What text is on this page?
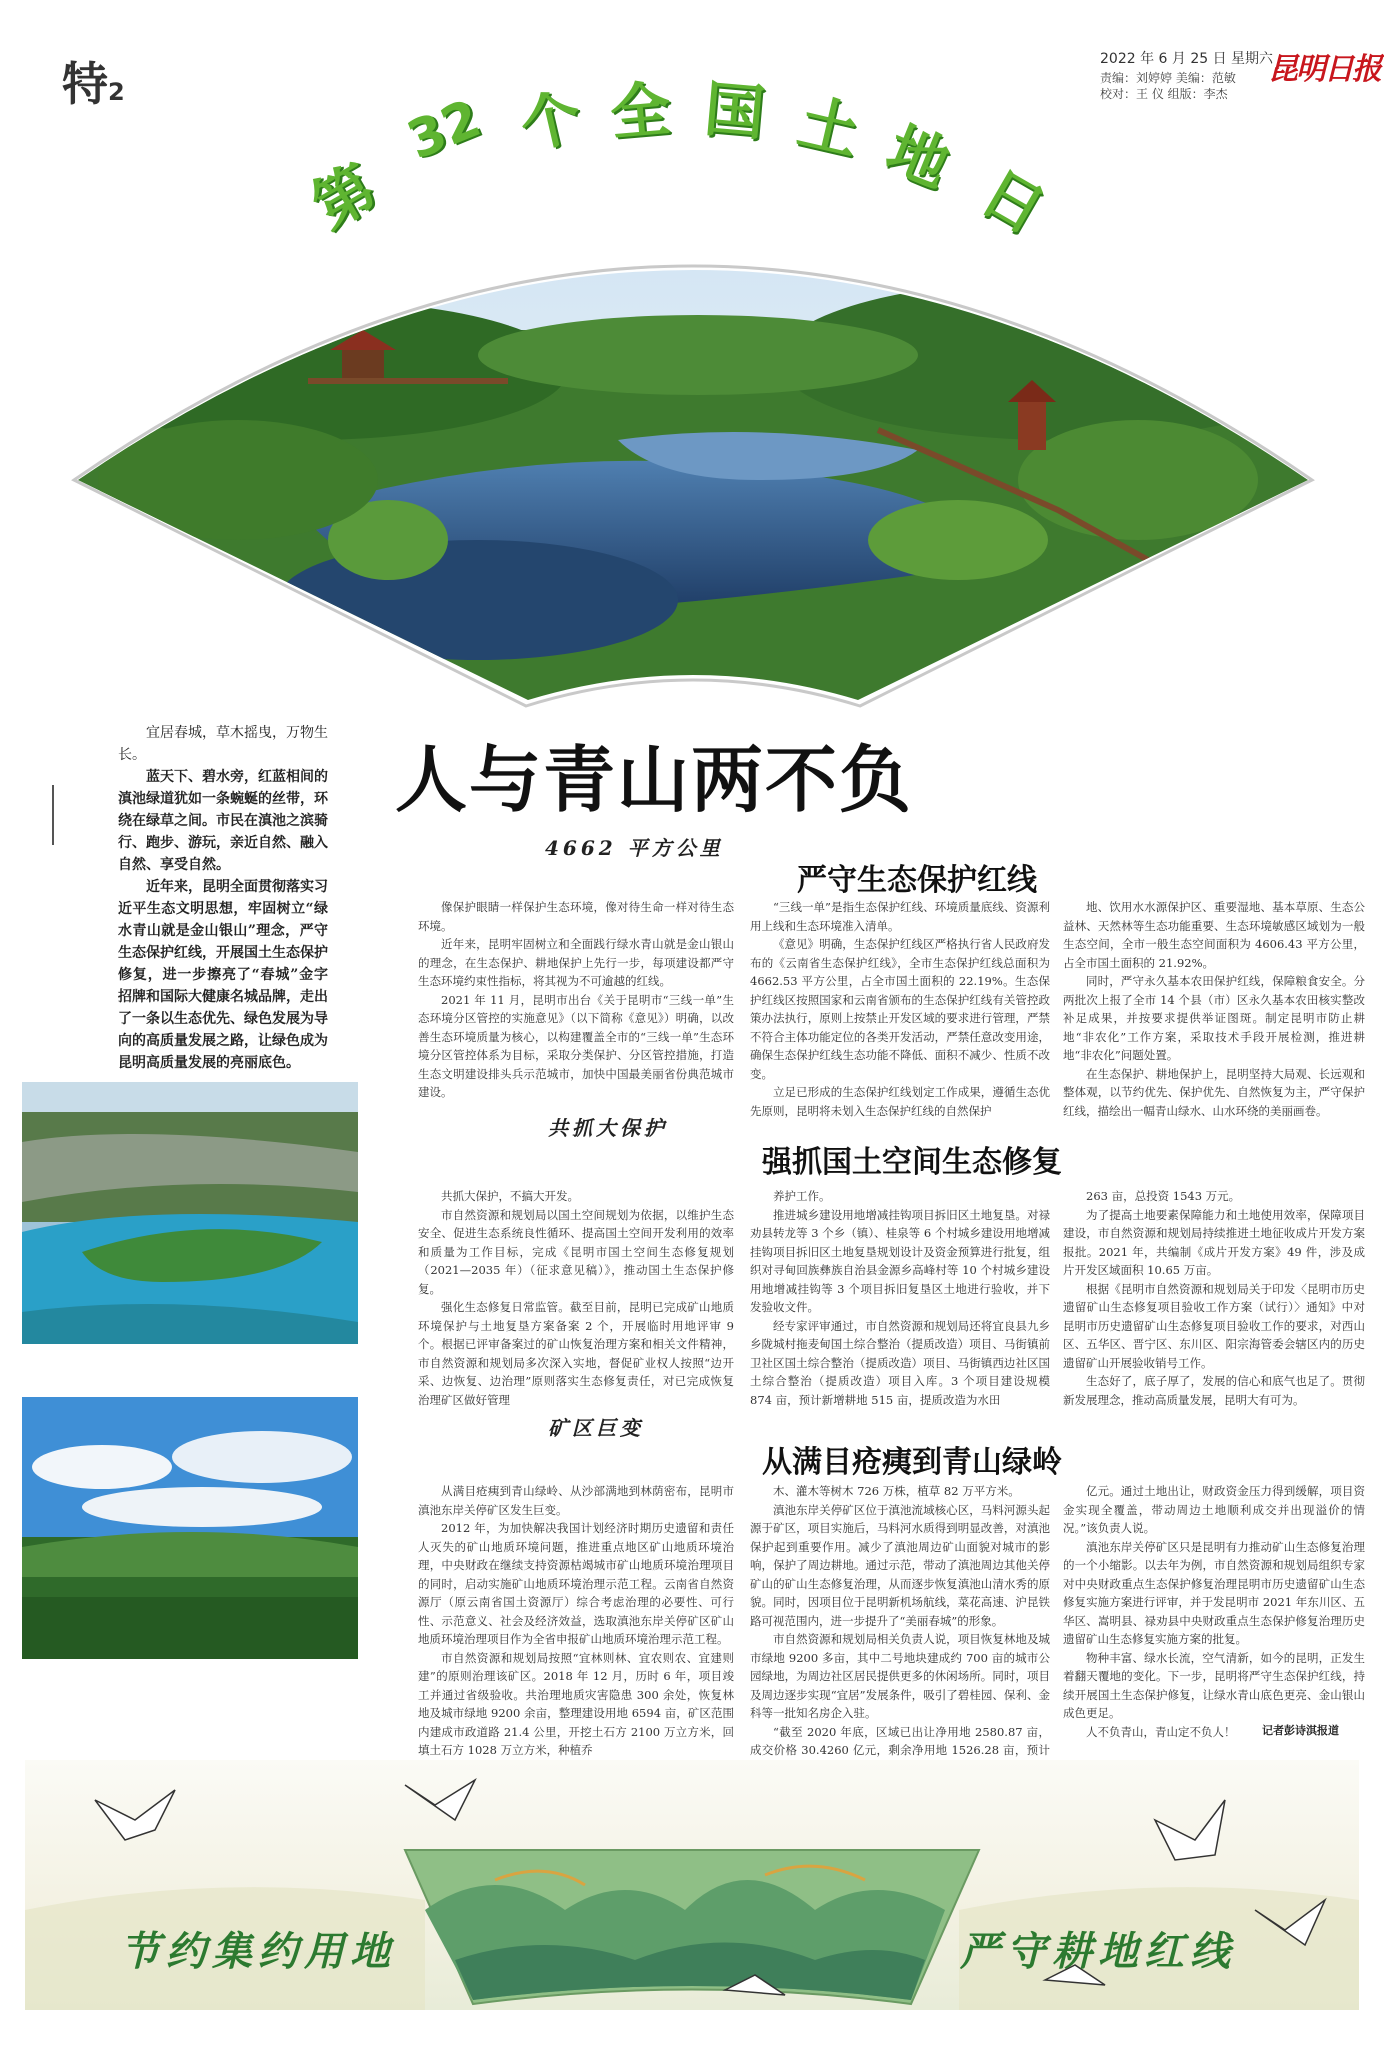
特2
2022 年 6 月 25 日 星期六
昆明日报
责编：刘婷婷 美编：范敏
校对：王 仪 组版：李杰
第
32 个 全 国 土 地 日

宜居春城，草木摇曳，万物生长。

蓝天下、碧水旁，红蓝相间的滇池绿道犹如一条蜿蜒的丝带，环绕在绿草之间。市民在滇池之滨骑行、跑步、游玩，亲近自然、融入自然、享受自然。

近年来，昆明全面贯彻落实习近平生态文明思想，牢固树立“绿水青山就是金山银山”理念，严守生态保护红线，开展国土生态保护修复，进一步擦亮了“春城”金字招牌和国际大健康名城品牌，走出了一条以生态优先、绿色发展为导向的高质量发展之路，让绿色成为昆明高质量发展的亮丽底色。

人与青山两不负
4662 平方公里
严守生态保护红线

像保护眼睛一样保护生态环境，像对待生命一样对待生态环境。

近年来，昆明牢固树立和全面践行绿水青山就是金山银山的理念，在生态保护、耕地保护上先行一步，每项建设都严守生态环境约束性指标，将其视为不可逾越的红线。

2021 年 11 月，昆明市出台《关于昆明市“三线一单”生态环境分区管控的实施意见》（以下简称《意见》）明确，以改善生态环境质量为核心，以构建覆盖全市的“三线一单”生态环境分区管控体系为目标，采取分类保护、分区管控措施，打造生态文明建设排头兵示范城市，加快中国最美丽省份典范城市建设。

“三线一单”是指生态保护红线、环境质量底线、资源利用上线和生态环境准入清单。

《意见》明确，生态保护红线区严格执行省人民政府发布的《云南省生态保护红线》，全市生态保护红线总面积为 4662.53 平方公里，占全市国土面积的 22.19%。生态保护红线区按照国家和云南省颁布的生态保护红线有关管控政策办法执行，原则上按禁止开发区域的要求进行管理，严禁不符合主体功能定位的各类开发活动，严禁任意改变用途，确保生态保护红线生态功能不降低、面积不减少、性质不改变。

立足已形成的生态保护红线划定工作成果，遵循生态优先原则，昆明将未划入生态保护红线的自然保护

地、饮用水水源保护区、重要湿地、基本草原、生态公益林、天然林等生态功能重要、生态环境敏感区域划为一般生态空间，全市一般生态空间面积为 4606.43 平方公里，占全市国土面积的 21.92%。

同时，严守永久基本农田保护红线，保障粮食安全。分两批次上报了全市 14 个县（市）区永久基本农田核实整改补足成果，并按要求提供举证图斑。制定昆明市防止耕地“非农化”工作方案，采取技术手段开展检测，推进耕地“非农化”问题处置。

在生态保护、耕地保护上，昆明坚持大局观、长远观和整体观，以节约优先、保护优先、自然恢复为主，严守保护红线，描绘出一幅青山绿水、山水环绕的美丽画卷。

共抓大保护
强抓国土空间生态修复

共抓大保护，不搞大开发。

市自然资源和规划局以国土空间规划为依据，以维护生态安全、促进生态系统良性循环、提高国土空间开发利用的效率和质量为工作目标，完成《昆明市国土空间生态修复规划（2021—2035 年）（征求意见稿）》，推动国土生态保护修复。

强化生态修复日常监管。截至目前，昆明已完成矿山地质环境保护与土地复垦方案备案 2 个，开展临时用地评审 9 个。根据已评审备案过的矿山恢复治理方案和相关文件精神，市自然资源和规划局多次深入实地，督促矿业权人按照“边开采、边恢复、边治理”原则落实生态修复责任，对已完成恢复治理矿区做好管理

养护工作。

推进城乡建设用地增减挂钩项目拆旧区土地复垦。对禄劝县转龙等 3 个乡（镇）、桂泉等 6 个村城乡建设用地增减挂钩项目拆旧区土地复垦规划设计及资金预算进行批复，组织对寻甸回族彝族自治县金源乡高峰村等 10 个村城乡建设用地增减挂钩等 3 个项目拆旧复垦区土地进行验收，并下发验收文件。

经专家评审通过，市自然资源和规划局还将宜良县九乡乡陇城村拖麦甸国土综合整治（提质改造）项目、马街镇前卫社区国土综合整治（提质改造）项目、马街镇西边社区国土综合整治（提质改造）项目入库。3 个项目建设规模 874 亩，预计新增耕地 515 亩，提质改造为水田

263 亩，总投资 1543 万元。

为了提高土地要素保障能力和土地使用效率，保障项目建设，市自然资源和规划局持续推进土地征收成片开发方案报批。2021 年，共编制《成片开发方案》49 件，涉及成片开发区域面积 10.65 万亩。

根据《昆明市自然资源和规划局关于印发〈昆明市历史遗留矿山生态修复项目验收工作方案（试行）〉通知》中对昆明市历史遗留矿山生态修复项目验收工作的要求，对西山区、五华区、晋宁区、东川区、阳宗海管委会辖区内的历史遗留矿山开展验收销号工作。

生态好了，底子厚了，发展的信心和底气也足了。贯彻新发展理念，推动高质量发展，昆明大有可为。

矿区巨变
从满目疮痍到青山绿岭

从满目疮痍到青山绿岭、从沙部满地到林荫密布，昆明市滇池东岸关停矿区发生巨变。

2012 年，为加快解决我国计划经济时期历史遗留和责任人灭失的矿山地质环境问题，推进重点地区矿山地质环境治理，中央财政在继续支持资源枯竭城市矿山地质环境治理项目的同时，启动实施矿山地质环境治理示范工程。云南省自然资源厅（原云南省国土资源厅）综合考虑治理的必要性、可行性、示范意义、社会及经济效益，选取滇池东岸关停矿区矿山地质环境治理项目作为全省申报矿山地质环境治理示范工程。

市自然资源和规划局按照“宜林则林、宜农则农、宜建则建”的原则治理该矿区。2018 年 12 月，历时 6 年，项目竣工并通过省级验收。共治理地质灾害隐患 300 余处，恢复林地及城市绿地 9200 余亩，整理建设用地 6594 亩，矿区范围内建成市政道路 21.4 公里，开挖土石方 2100 万立方米，回填土石方 1028 万立方米，种植乔

木、灌木等树木 726 万株，植草 82 万平方米。

滇池东岸关停矿区位于滇池流域核心区，马料河源头起源于矿区，项目实施后，马料河水质得到明显改善，对滇池保护起到重要作用。减少了滇池周边矿山面貌对城市的影响，保护了周边耕地。通过示范，带动了滇池周边其他关停矿山的矿山生态修复治理，从而逐步恢复滇池山清水秀的原貌。同时，因项目位于昆明新机场航线，菜花高速、沪昆铁路可视范围内，进一步提升了“美丽春城”的形象。

市自然资源和规划局相关负责人说，项目恢复林地及城市绿地 9200 多亩，其中二号地块建成约 700 亩的城市公园绿地，为周边社区居民提供更多的休闲场所。同时，项目及周边逐步实现“宜居”发展条件，吸引了碧桂园、保利、金科等一批知名房企入驻。

“截至 2020 年底，区域已出让净用地 2580.87 亩，成交价格 30.4260 亿元，剩余净用地 1526.28 亩，预计

亿元。通过土地出让，财政资金压力得到缓解，项目资金实现全覆盖，带动周边土地顺利成交并出现溢价的情况。”该负责人说。

滇池东岸关停矿区只是昆明有力推动矿山生态修复治理的一个小缩影。以去年为例，市自然资源和规划局组织专家对中央财政重点生态保护修复治理昆明市历史遗留矿山生态修复实施方案进行评审，并于发昆明市 2021 年东川区、五华区、嵩明县、禄劝县中央财政重点生态保护修复治理历史遗留矿山生态修复实施方案的批复。

物种丰富、绿水长流，空气清新，如今的昆明，正发生着翻天覆地的变化。下一步，昆明将严守生态保护红线，持续开展国土生态保护修复，让绿水青山底色更亮、金山银山成色更足。

人不负青山，青山定不负人！	记者彭诗淇报道
节约集约用地	严守耕地红线
